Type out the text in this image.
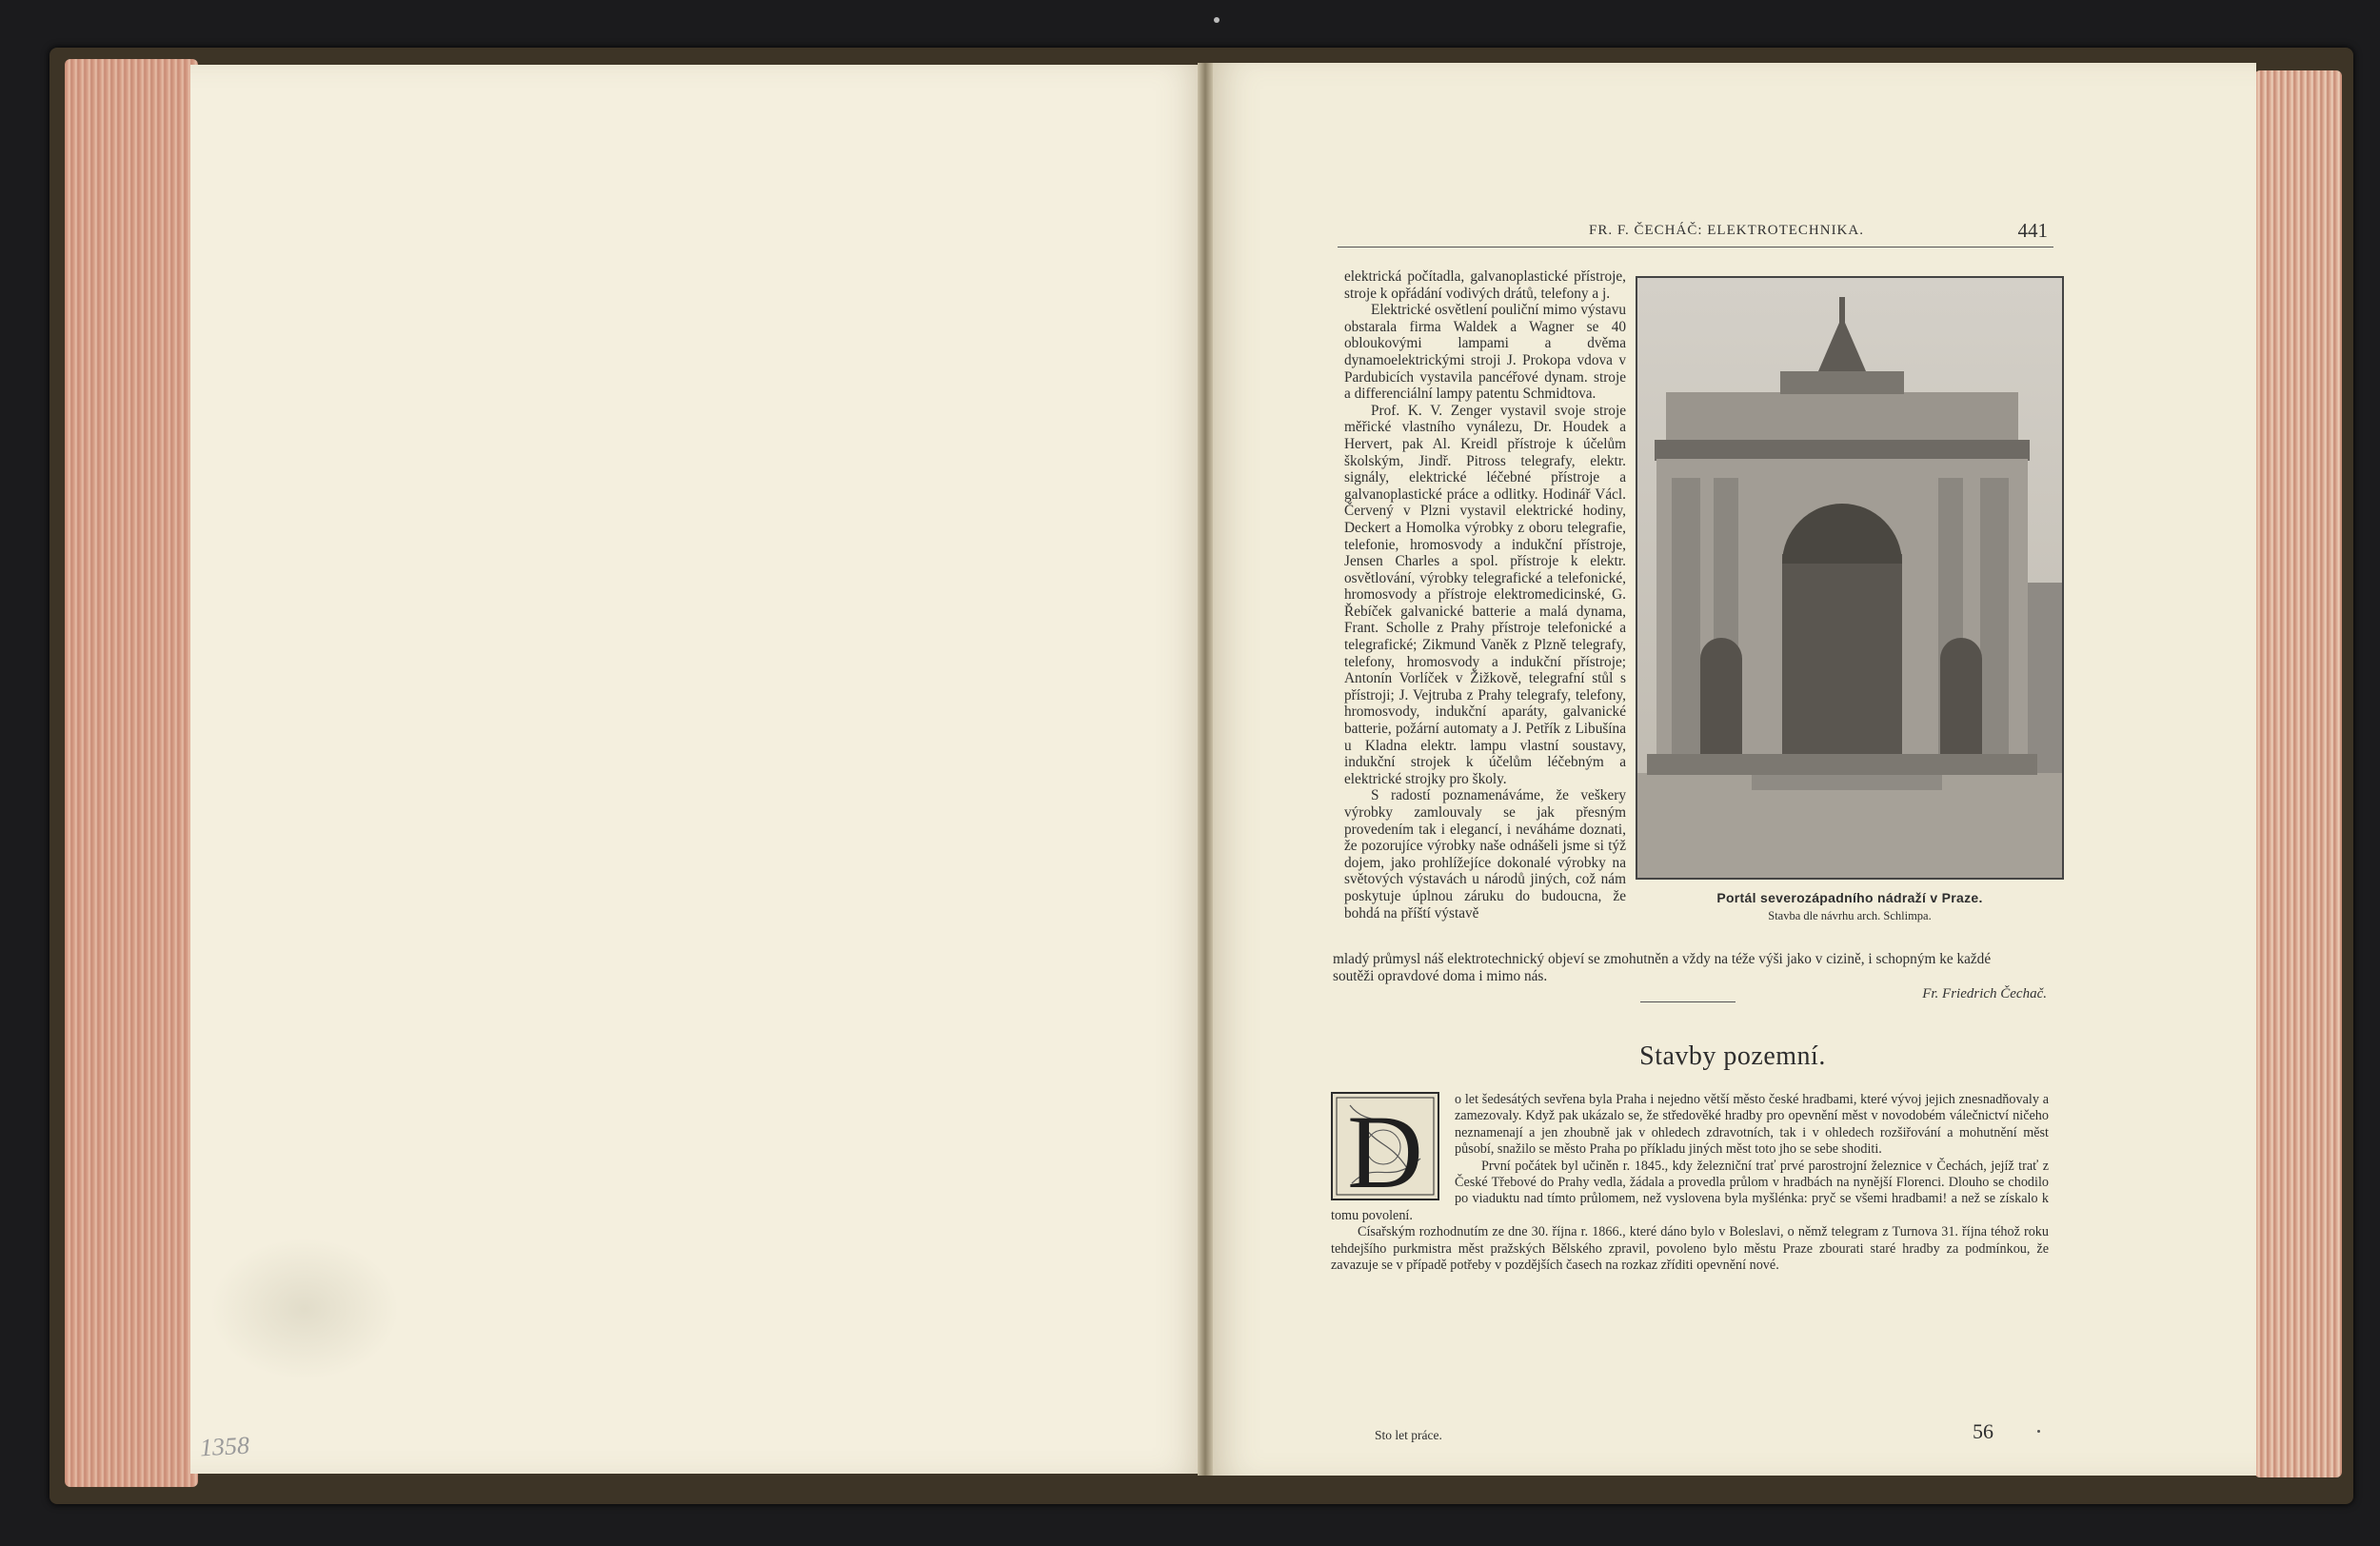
1358
FR. F. ČECHÁČ: ELEKTROTECHNIKA.	441

elektrická počítadla, galvanoplastické přístroje, stroje k opřádání vodivých drátů, telefony a j.

Elektrické osvětlení pouliční mimo výstavu obstarala firma Waldek a Wagner se 40 obloukovými lampami a dvěma dynamoelektrickými stroji J. Prokopa vdova v Pardubicích vystavila pancéřové dynam. stroje a differenciální lampy patentu Schmidtova.

Prof. K. V. Zenger vystavil svoje stroje měřické vlastního vynálezu, Dr. Houdek a Hervert, pak Al. Kreidl přístroje k účelům školským, Jindř. Pitross telegrafy, elektr. signály, elektrické léčebné přístroje a galvanoplastické práce a odlitky. Hodinář Václ. Červený v Plzni vystavil elektrické hodiny, Deckert a Homolka výrobky z oboru telegrafie, telefonie, hromosvody a indukční přístroje, Jensen Charles a spol. přístroje k elektr. osvětlování, výrobky telegrafické a telefonické, hromosvody a přístroje elektromedicinské, G. Řebíček galvanické batterie a malá dynama, Frant. Scholle z Prahy přístroje telefonické a telegrafické; Zikmund Vaněk z Plzně telegrafy, telefony, hromosvody a indukční přístroje; Antonín Vorlíček v Žižkově, telegrafní stůl s přístroji; J. Vejtruba z Prahy telegrafy, telefony, hromosvody, indukční aparáty, galvanické batterie, požární automaty a J. Petřík z Libušína u Kladna elektr. lampu vlastní soustavy, indukční strojek k účelům léčebným a elektrické strojky pro školy.

S radostí poznamenáváme, že veškery výrobky zamlouvaly se jak přesným provedením tak i elegancí, i neváháme doznati, že pozorujíce výrobky naše odnášeli jsme si týž dojem, jako prohlížejíce dokonalé výrobky na světových výstavách u národů jiných, což nám poskytuje úplnou záruku do budoucna, že bohdá na příští výstavě

Portál severozápadního nádraží v Praze.
Stavba dle návrhu arch. Schlimpa.
mladý průmysl náš elektrotechnický objeví se zmohutněn a vždy na téže výši jako v cizině, i schopným ke každé
soutěži opravdové doma i mimo nás.
Fr. Friedrich Čechač.
Stavby pozemní.
D	o let šedesátých sevřena byla Praha i nejedno větší město české hradbami, které vývoj jejich znesnadňovaly a zamezovaly. Když pak ukázalo se, že středověké hradby pro opevnění měst v novodobém válečnictví ničeho neznamenají a jen zhoubně jak v ohledech zdravotních, tak i v ohledech rozšiřování a mohutnění měst působí, snažilo se město Praha po příkladu jiných měst toto jho se sebe shoditi.

První počátek byl učiněn r. 1845., kdy železniční trať prvé parostrojní železnice v Čechách, jejíž trať z České Třebové do Prahy vedla, žádala a provedla průlom v hradbách na nynější Florenci. Dlouho se chodilo po viaduktu nad tímto průlomem, než vyslovena byla myšlénka: pryč se všemi hradbami! a než se získalo k tomu povolení.

Císařským rozhodnutím ze dne 30. října r. 1866., které dáno bylo v Boleslavi, o němž telegram z Turnova 31. října téhož roku tehdejšího purkmistra měst pražských Bělského zpravil, povoleno bylo městu Praze zbourati staré hradby za podmínkou, že zavazuje se v případě potřeby v pozdějších časech na rozkaz zříditi opevnění nové.

Sto let práce.	56
